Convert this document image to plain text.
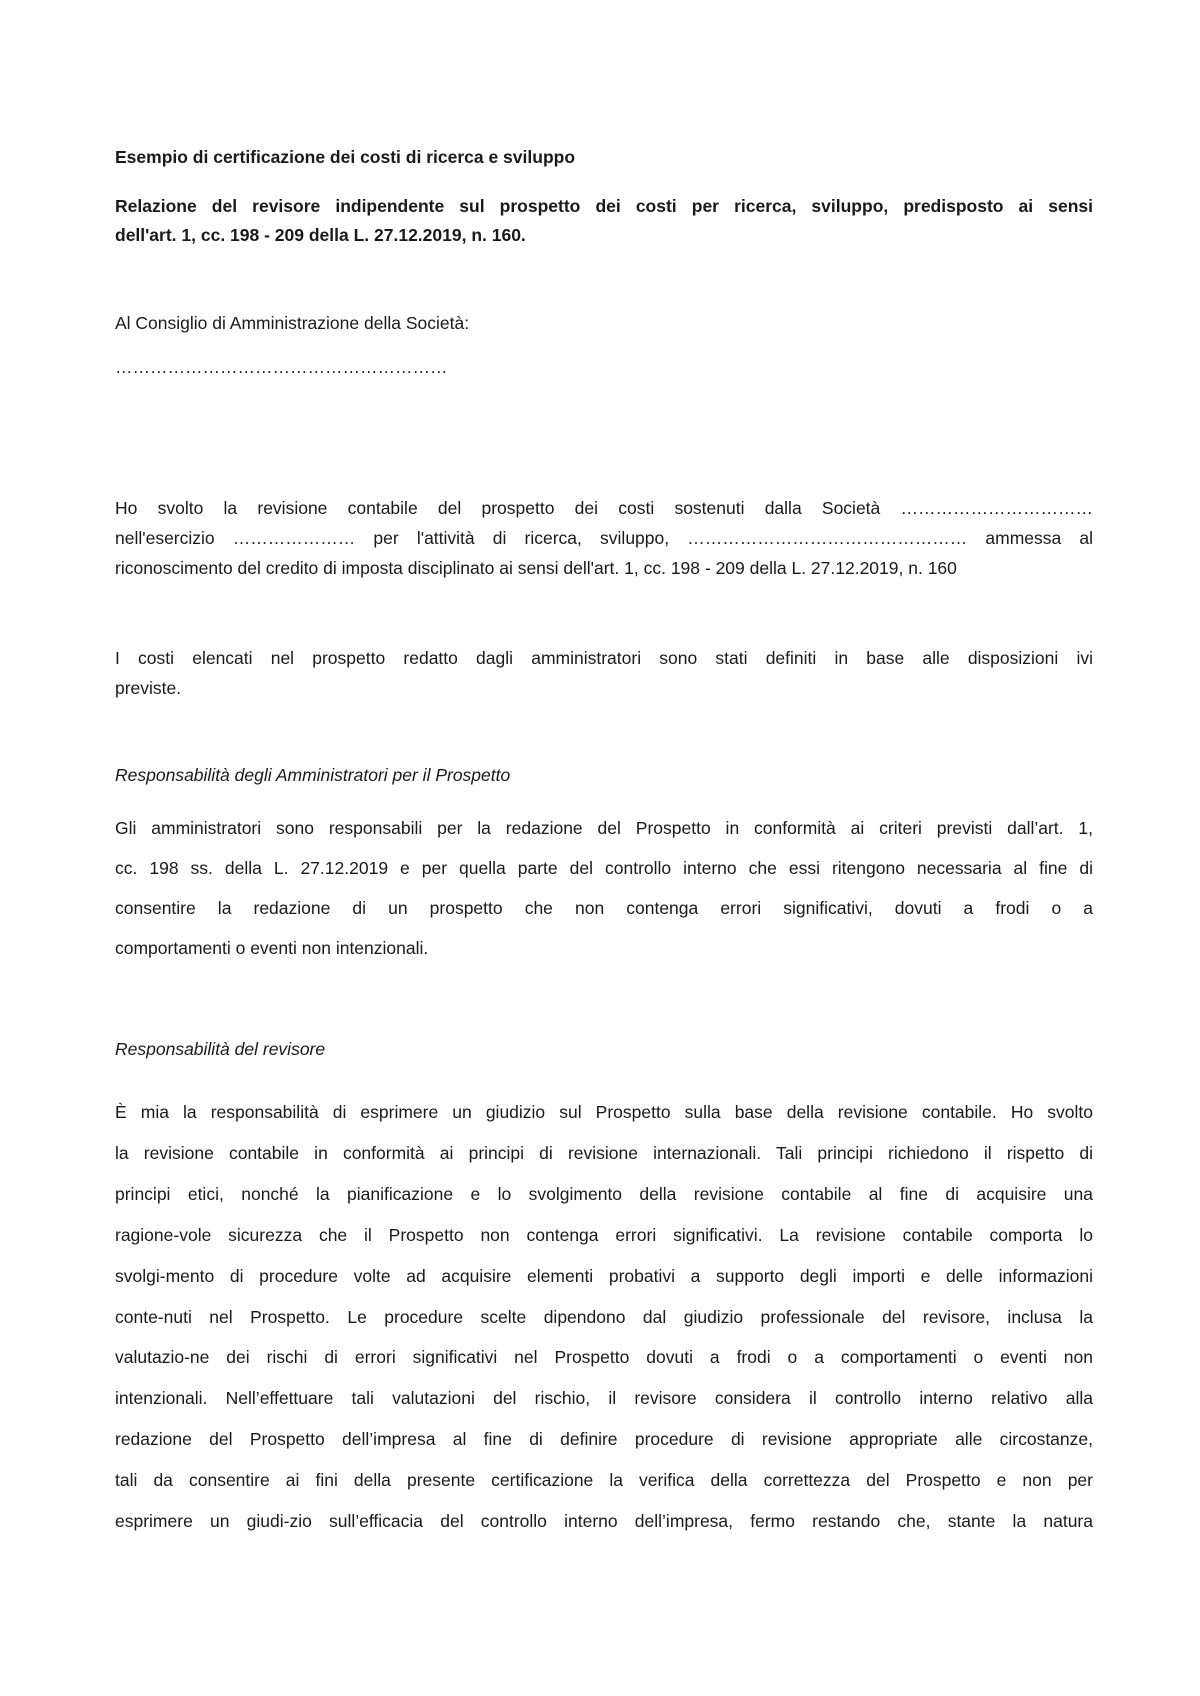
Esempio di certificazione dei costi di ricerca e sviluppo
Relazione del revisore indipendente sul prospetto dei costi per ricerca, sviluppo, predisposto ai sensi
dell'art. 1, cc. 198 - 209 della L. 27.12.2019, n. 160.
Al Consiglio di Amministrazione della Società:
…………………………………………………
Ho svolto la revisione contabile del prospetto dei costi sostenuti dalla Società ……………………………
nell'esercizio ………………… per l'attività di ricerca, sviluppo, ………………………………………… ammessa al
riconoscimento del credito di imposta disciplinato ai sensi dell'art. 1, cc. 198 - 209 della L. 27.12.2019, n. 160
I costi elencati nel prospetto redatto dagli amministratori sono stati definiti in base alle disposizioni ivi
previste.
Responsabilità degli Amministratori per il Prospetto
Gli amministratori sono responsabili per la redazione del Prospetto in conformità ai criteri previsti dall’art. 1,
cc. 198 ss. della L. 27.12.2019 e per quella parte del controllo interno che essi ritengono necessaria al fine di
consentire la redazione di un prospetto che non contenga errori significativi, dovuti a frodi o a
comportamenti o eventi non intenzionali.
Responsabilità del revisore
È mia la responsabilità di esprimere un giudizio sul Prospetto sulla base della revisione contabile. Ho svolto
la revisione contabile in conformità ai principi di revisione internazionali. Tali principi richiedono il rispetto di
principi etici, nonché la pianificazione e lo svolgimento della revisione contabile al fine di acquisire una
ragione-vole sicurezza che il Prospetto non contenga errori significativi. La revisione contabile comporta lo
svolgi-mento di procedure volte ad acquisire elementi probativi a supporto degli importi e delle informazioni
conte-nuti nel Prospetto. Le procedure scelte dipendono dal giudizio professionale del revisore, inclusa la
valutazio-ne dei rischi di errori significativi nel Prospetto dovuti a frodi o a comportamenti o eventi non
intenzionali. Nell’effettuare tali valutazioni del rischio, il revisore considera il controllo interno relativo alla
redazione del Prospetto dell’impresa al fine di definire procedure di revisione appropriate alle circostanze,
tali da consentire ai fini della presente certificazione la verifica della correttezza del Prospetto e non per
esprimere un giudi-zio sull’efficacia del controllo interno dell’impresa, fermo restando che, stante la natura
